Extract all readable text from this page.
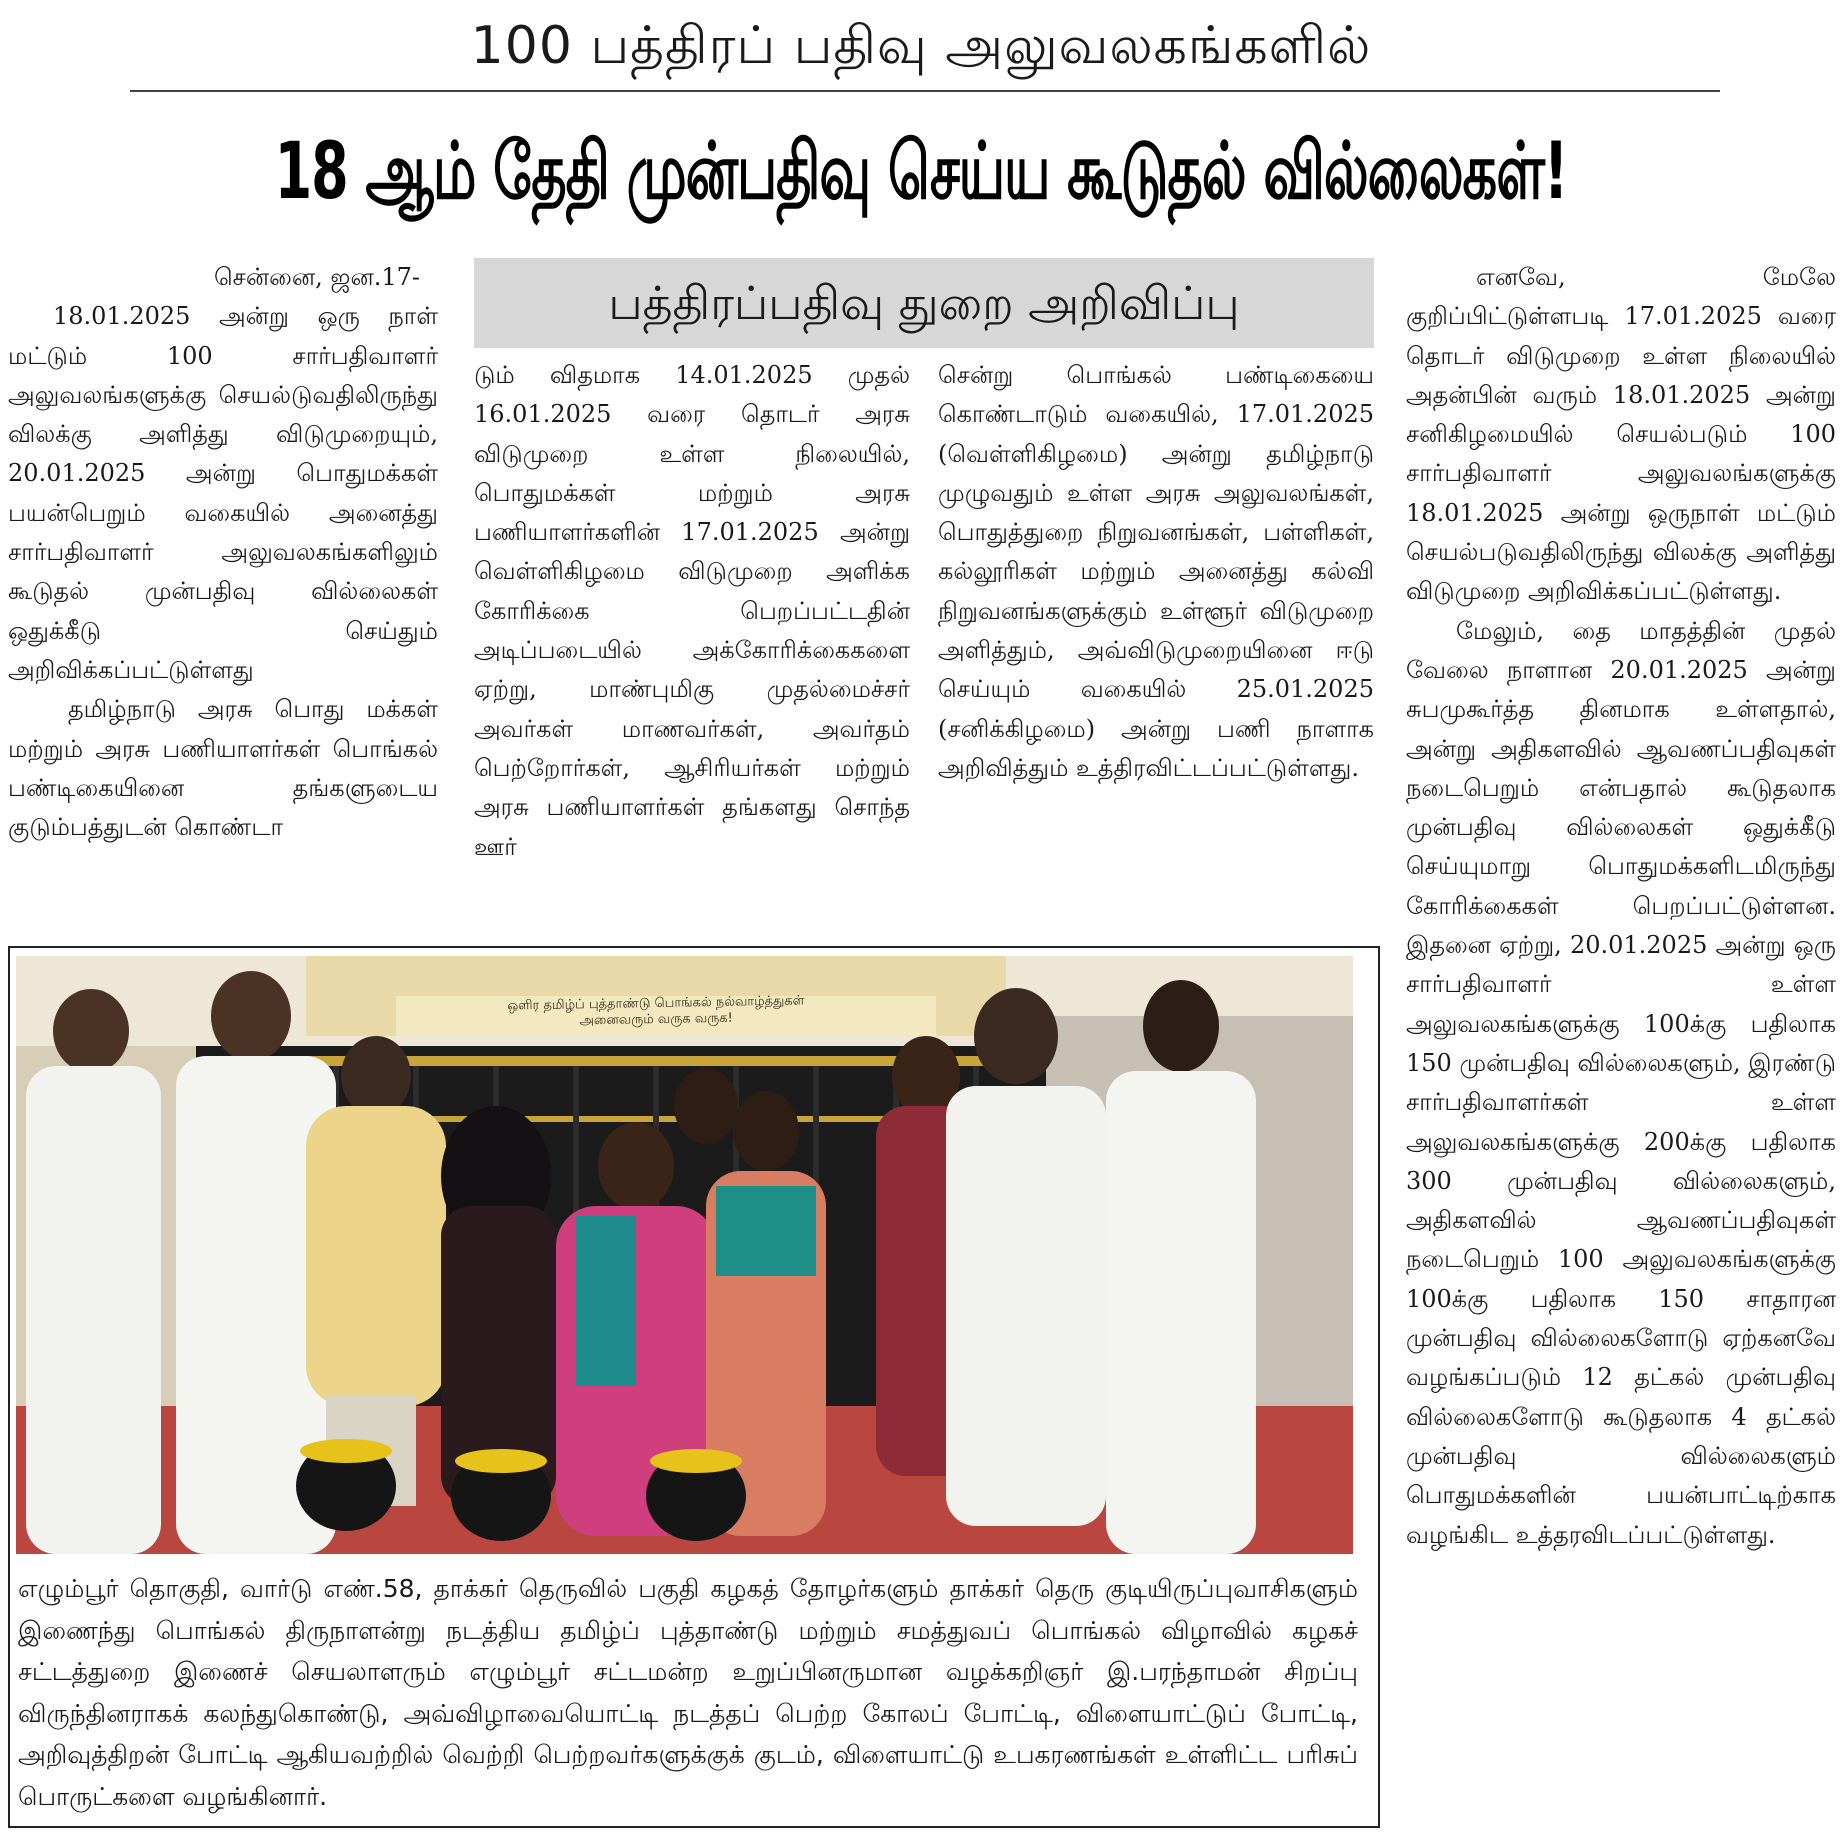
100 பத்திரப் பதிவு அலுவலகங்களில்
18 ஆம் தேதி முன்பதிவு செய்ய கூடுதல் வில்லைகள்!
பத்திரப்பதிவு துறை அறிவிப்பு

சென்னை, ஜன.17-

18.01.2025 அன்று ஒரு நாள் மட்டும் 100 சார்பதிவாளர் அலுவலங்களுக்கு செயல்டுவதிலிருந்து விலக்கு அளித்து விடுமுறையும், 20.01.2025 அன்று பொதுமக்கள் பயன்பெறும் வகையில் அனைத்து சார்பதிவாளர் அலுவலகங்களிலும் கூடுதல் முன்பதிவு வில்லைகள் ஒதுக்கீடு செய்தும் அறிவிக்கப்பட்டுள்ளது

தமிழ்நாடு அரசு பொது மக்கள் மற்றும் அரசு பணியாளர்கள் பொங்கல் பண்டிகையினை தங்களுடைய குடும்பத்துடன் கொண்டா

டும் விதமாக 14.01.2025 முதல் 16.01.2025 வரை தொடர் அரசு விடுமுறை உள்ள நிலையில், பொதுமக்கள் மற்றும் அரசு பணியாளர்களின் 17.01.2025 அன்று வெள்ளிகிழமை விடுமுறை அளிக்க கோரிக்கை பெறப்பட்டதின் அடிப்படையில் அக்கோரிக்கைகளை ஏற்று, மாண்புமிகு முதல்மைச்சர் அவர்கள் மாணவர்கள், அவர்தம் பெற்றோர்கள், ஆசிரியர்கள் மற்றும் அரசு பணியாளர்கள் தங்களது சொந்த ஊர்

சென்று பொங்கல் பண்டிகையை கொண்டாடும் வகையில், 17.01.2025 (வெள்ளிகிழமை) அன்று தமிழ்நாடு முழுவதும் உள்ள அரசு அலுவலங்கள், பொதுத்துறை நிறுவனங்கள், பள்ளிகள், கல்லூரிகள் மற்றும் அனைத்து கல்வி நிறுவனங்களுக்கும் உள்ளூர் விடுமுறை அளித்தும், அவ்விடுமுறையினை ஈடு செய்யும் வகையில் 25.01.2025 (சனிக்கிழமை) அன்று பணி நாளாக அறிவித்தும் உத்திரவிட்டப்பட்டுள்ளது.

எனவே, மேலே குறிப்பிட்டுள்ளபடி 17.01.2025 வரை தொடர் விடுமுறை உள்ள நிலையில் அதன்பின் வரும் 18.01.2025 அன்று சனிகிழமையில் செயல்படும் 100 சார்பதிவாளர் அலுவலங்களுக்கு 18.01.2025 அன்று ஒருநாள் மட்டும் செயல்படுவதிலிருந்து விலக்கு அளித்து விடுமுறை அறிவிக்கப்பட்டுள்ளது.

மேலும், தை மாதத்தின் முதல் வேலை நாளான 20.01.2025 அன்று சுபமுகூர்த்த தினமாக உள்ளதால், அன்று அதிகளவில் ஆவணப்பதிவுகள் நடைபெறும் என்பதால் கூடுதலாக முன்பதிவு வில்லைகள் ஒதுக்கீடு செய்யுமாறு பொதுமக்களிடமிருந்து கோரிக்கைகள் பெறப்பட்டுள்ளன. இதனை ஏற்று, 20.01.2025 அன்று ஒரு சார்பதிவாளர் உள்ள அலுவலகங்களுக்கு 100க்கு பதிலாக 150 முன்பதிவு வில்லைகளும், இரண்டு சார்பதிவாளர்கள் உள்ள அலுவலகங்களுக்கு 200க்கு பதிலாக 300 முன்பதிவு வில்லைகளும், அதிகளவில் ஆவணப்பதிவுகள் நடைபெறும் 100 அலுவலகங்களுக்கு 100க்கு பதிலாக 150 சாதாரன முன்பதிவு வில்லைகளோடு ஏற்கனவே வழங்கப்படும் 12 தட்கல் முன்பதிவு வில்லைகளோடு கூடுதலாக 4 தட்கல் முன்பதிவு வில்லைகளும் பொதுமக்களின் பயன்பாட்டிற்காக வழங்கிட உத்தரவிடப்பட்டுள்ளது.

ஒளிர தமிழ்ப் புத்தாண்டு பொங்கல் நல்வாழ்த்துகள்
அனைவரும் வருக வருக!
எழும்பூர் தொகுதி, வார்டு எண்.58, தாக்கர் தெருவில் பகுதி கழகத் தோழர்களும் தாக்கர் தெரு குடியிருப்புவாசிகளும் இணைந்து பொங்கல் திருநாளன்று நடத்திய தமிழ்ப் புத்தாண்டு மற்றும் சமத்துவப் பொங்கல் விழாவில் கழகச் சட்டத்துறை இணைச் செயலாளரும் எழும்பூர் சட்டமன்ற உறுப்பினருமான வழக்கறிஞர் இ.பரந்தாமன் சிறப்பு விருந்தினராகக் கலந்துகொண்டு, அவ்விழாவையொட்டி நடத்தப் பெற்ற கோலப் போட்டி, விளையாட்டுப் போட்டி, அறிவுத்திறன் போட்டி ஆகியவற்றில் வெற்றி பெற்றவர்களுக்குக் குடம், விளையாட்டு உபகரணங்கள் உள்ளிட்ட பரிசுப் பொருட்களை வழங்கினார்.
